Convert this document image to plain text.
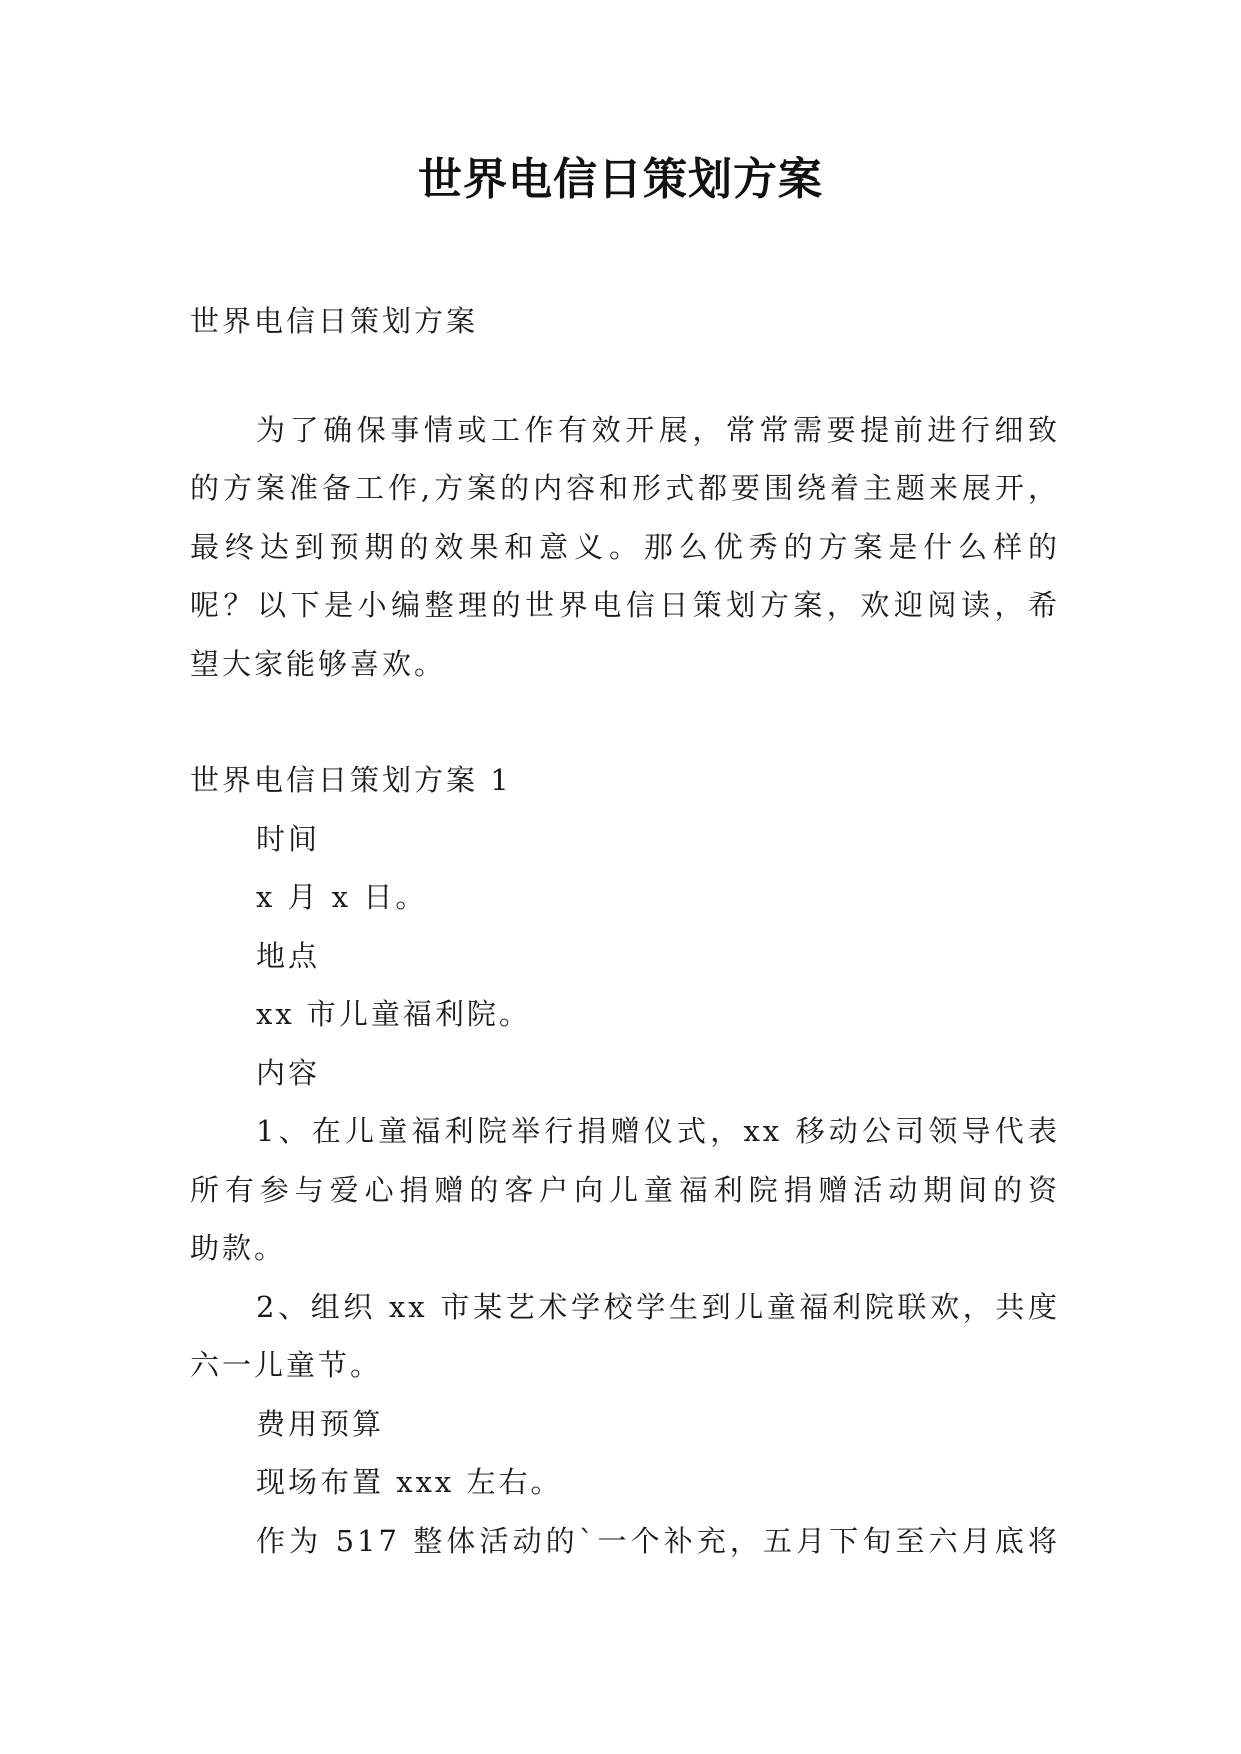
世界电信日策划方案
世界电信日策划方案
为了确保事情或工作有效开展，常常需要提前进行细致
的方案准备工作,方案的内容和形式都要围绕着主题来展开，
最终达到预期的效果和意义。那么优秀的方案是什么样的
呢？以下是小编整理的世界电信日策划方案，欢迎阅读，希
望大家能够喜欢。
世界电信日策划方案 1
时间
x 月 x 日。
地点
xx 市儿童福利院。
内容
1、在儿童福利院举行捐赠仪式，xx 移动公司领导代表
所有参与爱心捐赠的客户向儿童福利院捐赠活动期间的资
助款。
2、组织 xx 市某艺术学校学生到儿童福利院联欢，共度
六一儿童节。
费用预算
现场布置 xxx 左右。
作为 517 整体活动的`一个补充，五月下旬至六月底将
